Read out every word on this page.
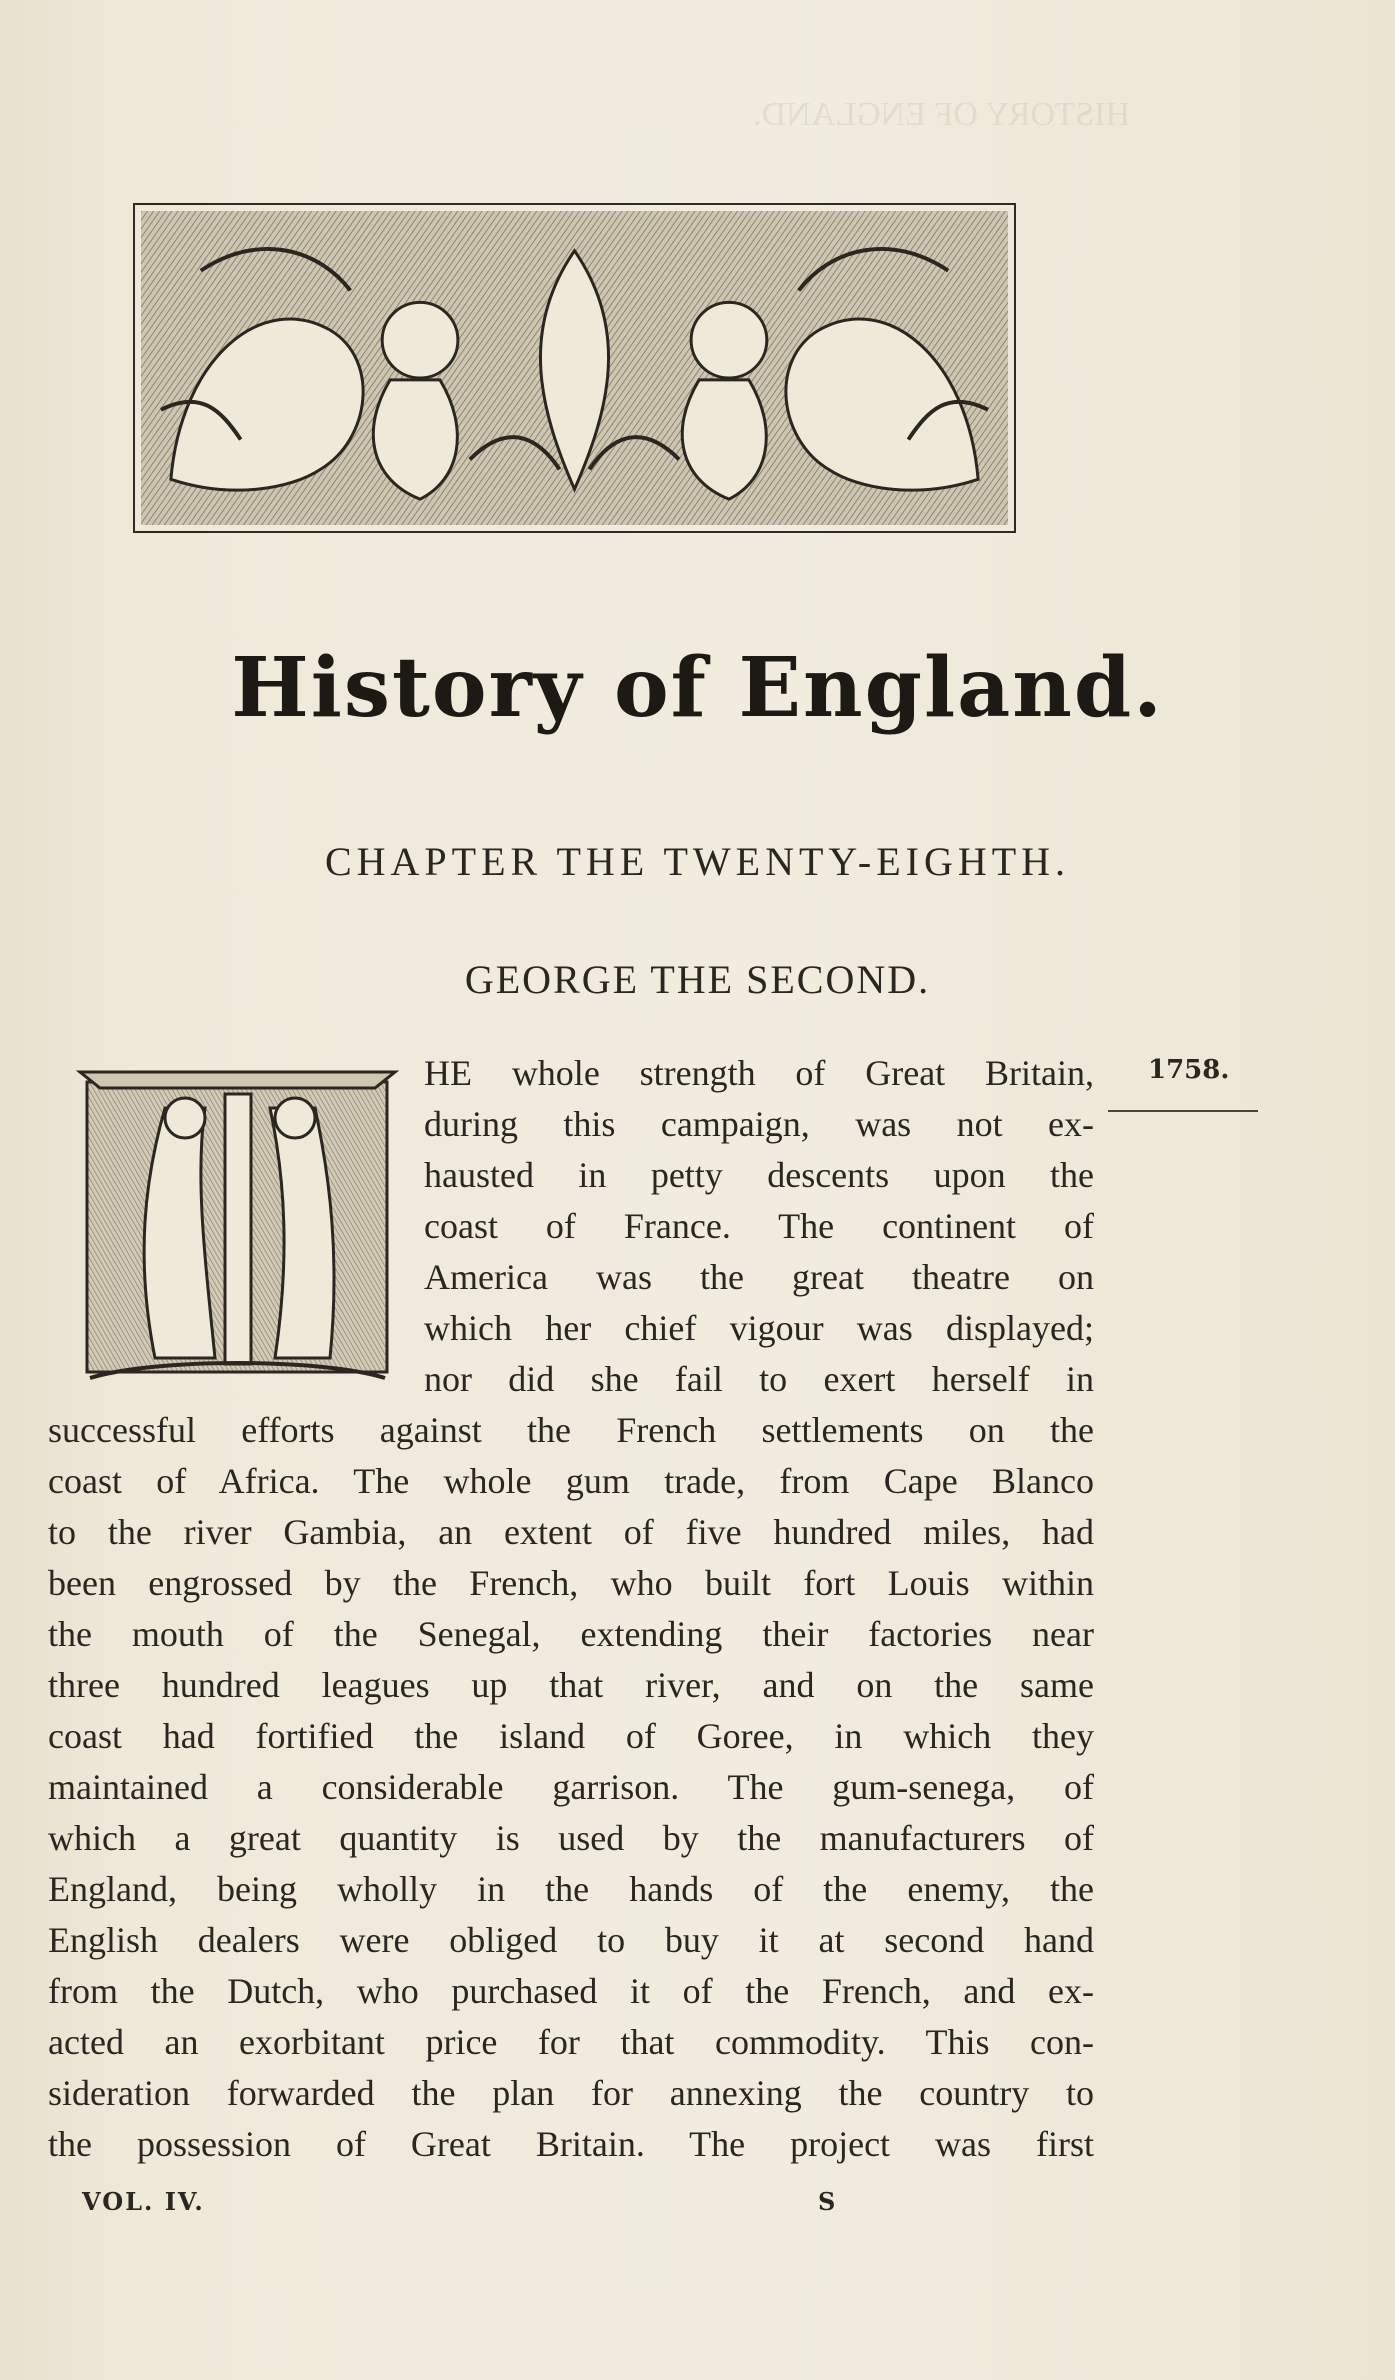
HISTORY OF ENGLAND.

History of England.
CHAPTER THE TWENTY-EIGHTH.
GEORGE THE SECOND.
1758.
HE whole strength of Great Britain,
during this campaign, was not ex-
hausted in petty descents upon the
coast of France. The continent of
America was the great theatre on
which her chief vigour was displayed;
nor did she fail to exert herself in
successful efforts against the French settlements on the
coast of Africa. The whole gum trade, from Cape Blanco
to the river Gambia, an extent of five hundred miles, had
been engrossed by the French, who built fort Louis within
the mouth of the Senegal, extending their factories near
three hundred leagues up that river, and on the same
coast had fortified the island of Goree, in which they
maintained a considerable garrison. The gum-senega, of
which a great quantity is used by the manufacturers of
England, being wholly in the hands of the enemy, the
English dealers were obliged to buy it at second hand
from the Dutch, who purchased it of the French, and ex-
acted an exorbitant price for that commodity. This con-
sideration forwarded the plan for annexing the country to
the possession of Great Britain. The project was first
VOL. IV.	S
